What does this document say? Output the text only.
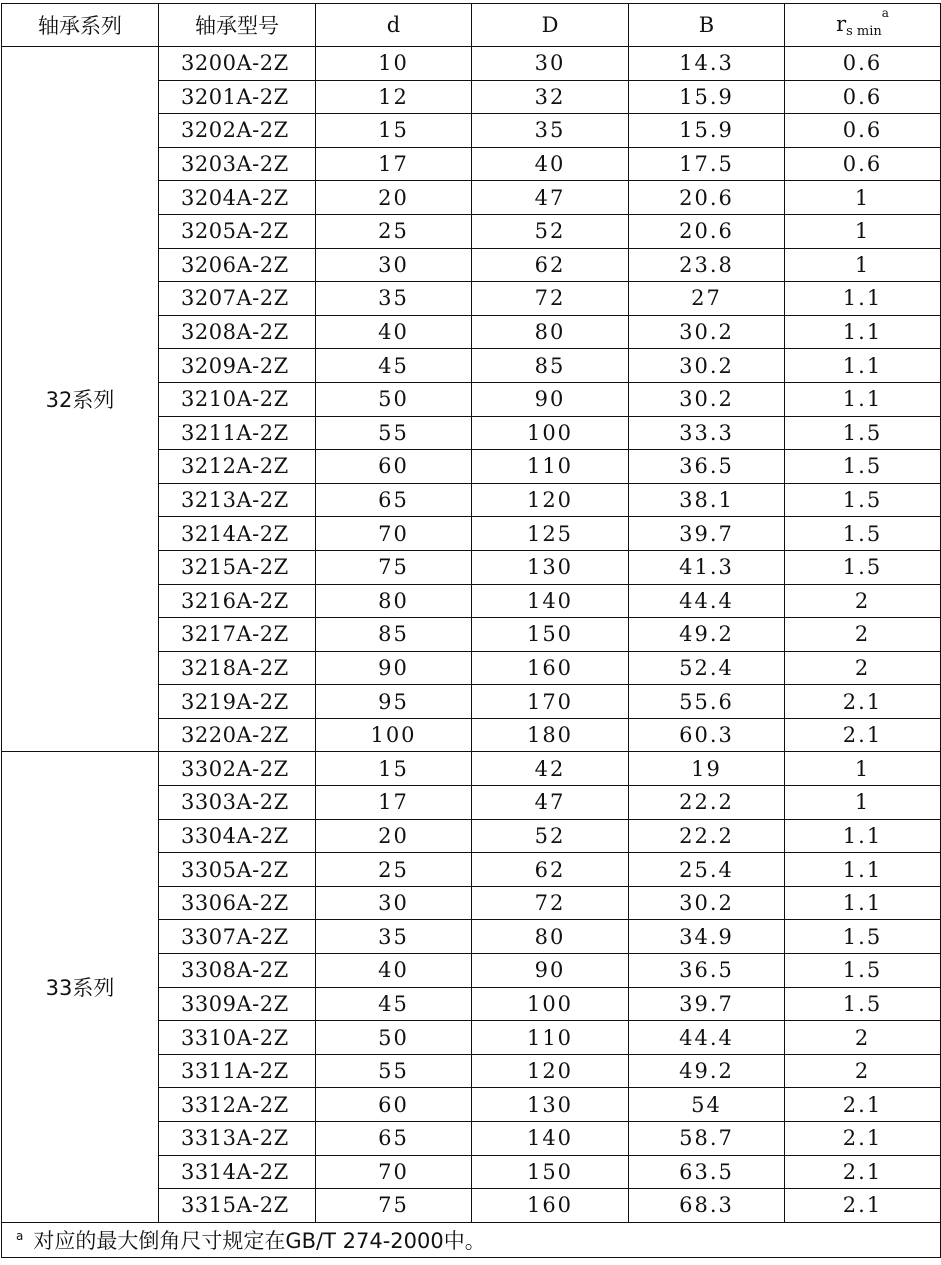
轴承系列	轴承型号	d	D	B	rs $\min^a$
32系列	3200A-2Z	10	30	14.3	0.6
	3201A-2Z	12	32	15.9	0.6
	3202A-2Z	15	35	15.9	0.6
	3203A-2Z	17	40	17.5	0.6
	3204A-2Z	20	47	20.6	1
	3205A-2Z	25	52	20.6	1
	3206A-2Z	30	62	23.8	1
	3207A-2Z	35	72	27	1.1
	3208A-2Z	40	80	30.2	1.1
	3209A-2Z	45	85	30.2	1.1
	3210A-2Z	50	90	30.2	1.1
	3211A-2Z	55	100	33.3	1.5
	3212A-2Z	60	110	36.5	1.5
	3213A-2Z	65	120	38.1	1.5
	3214A-2Z	70	125	39.7	1.5
	3215A-2Z	75	130	41.3	1.5
	3216A-2Z	80	140	44.4	2
	3217A-2Z	85	150	49.2	2
	3218A-2Z	90	160	52.4	2
	3219A-2Z	95	170	55.6	2.1
	3220A-2Z	100	180	60.3	2.1
33系列	3302A-2Z	15	42	19	1
	3303A-2Z	17	47	22.2	1
	3304A-2Z	20	52	22.2	1.1
	3305A-2Z	25	62	25.4	1.1
	3306A-2Z	30	72	30.2	1.1
	3307A-2Z	35	80	34.9	1.5
	3308A-2Z	40	90	36.5	1.5
	3309A-2Z	45	100	39.7	1.5
	3310A-2Z	50	110	44.4	2
	3311A-2Z	55	120	49.2	2
	3312A-2Z	60	130	54	2.1
	3313A-2Z	65	140	58.7	2.1
	3314A-2Z	70	150	63.5	2.1
	3315A-2Z	75	160	68.3	2.1
$^a$ 对应的最大倒角尺寸规定在GB/T 274-2000中。					
